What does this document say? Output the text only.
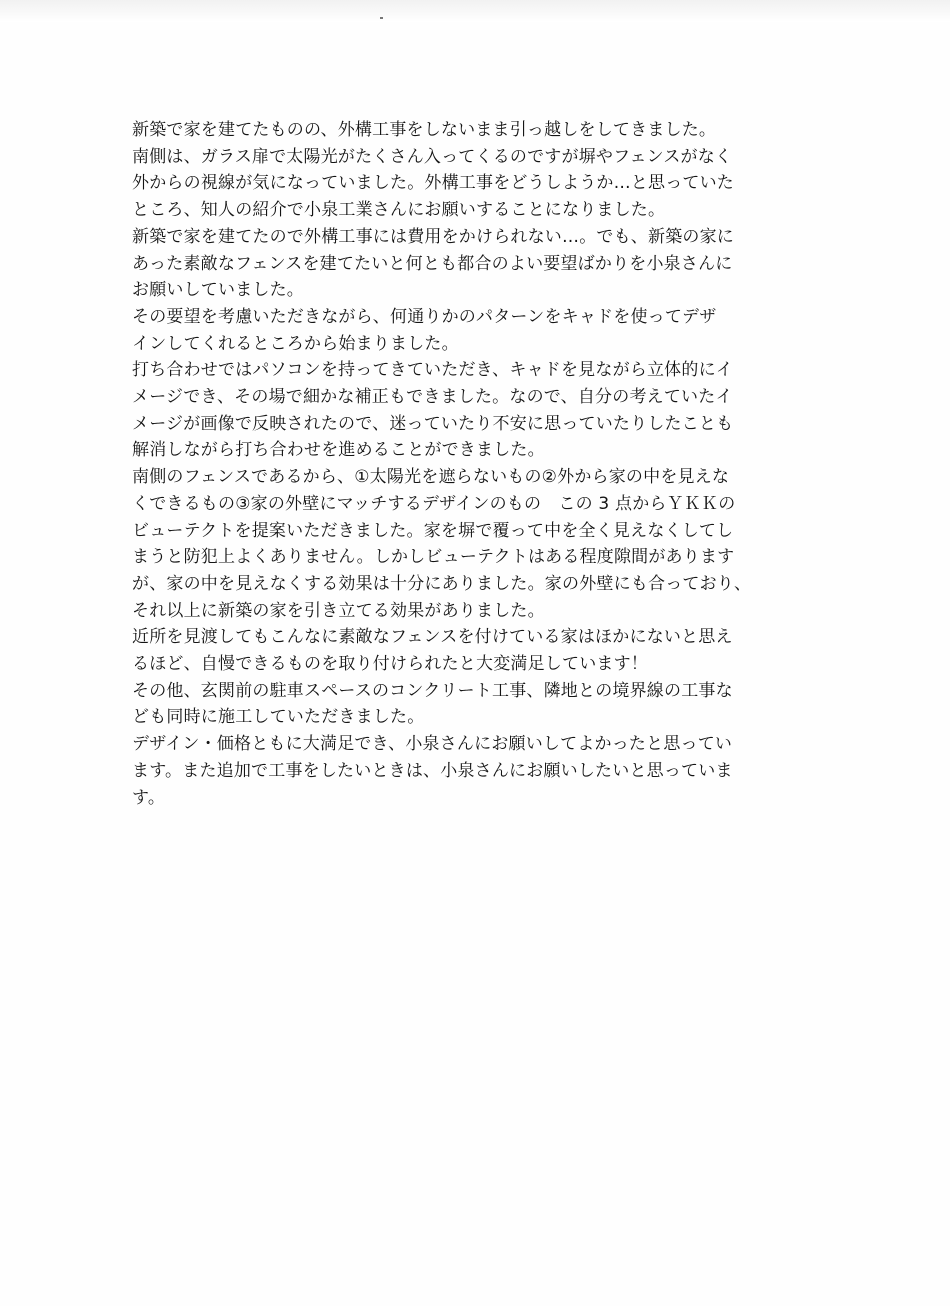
新築で家を建てたものの、外構工事をしないまま引っ越しをしてきました。
南側は、ガラス扉で太陽光がたくさん入ってくるのですが塀やフェンスがなく
外からの視線が気になっていました。外構工事をどうしようか…と思っていた
ところ、知人の紹介で小泉工業さんにお願いすることになりました。
新築で家を建てたので外構工事には費用をかけられない…。でも、新築の家に
あった素敵なフェンスを建てたいと何とも都合のよい要望ばかりを小泉さんに
お願いしていました。
その要望を考慮いただきながら、何通りかのパターンをキャドを使ってデザ
インしてくれるところから始まりました。
打ち合わせではパソコンを持ってきていただき、キャドを見ながら立体的にイ
メージでき、その場で細かな補正もできました。なので、自分の考えていたイ
メージが画像で反映されたので、迷っていたり不安に思っていたりしたことも
解消しながら打ち合わせを進めることができました。
南側のフェンスであるから、①太陽光を遮らないもの②外から家の中を見えな
くできるもの③家の外壁にマッチするデザインのもの　この 3 点からＹＫＫの
ビューテクトを提案いただきました。家を塀で覆って中を全く見えなくしてし
まうと防犯上よくありません。しかしビューテクトはある程度隙間があります
が、家の中を見えなくする効果は十分にありました。家の外壁にも合っており、
それ以上に新築の家を引き立てる効果がありました。
近所を見渡してもこんなに素敵なフェンスを付けている家はほかにないと思え
るほど、自慢できるものを取り付けられたと大変満足しています！
その他、玄関前の駐車スペースのコンクリート工事、隣地との境界線の工事な
ども同時に施工していただきました。
デザイン・価格ともに大満足でき、小泉さんにお願いしてよかったと思ってい
ます。また追加で工事をしたいときは、小泉さんにお願いしたいと思っていま
す。
